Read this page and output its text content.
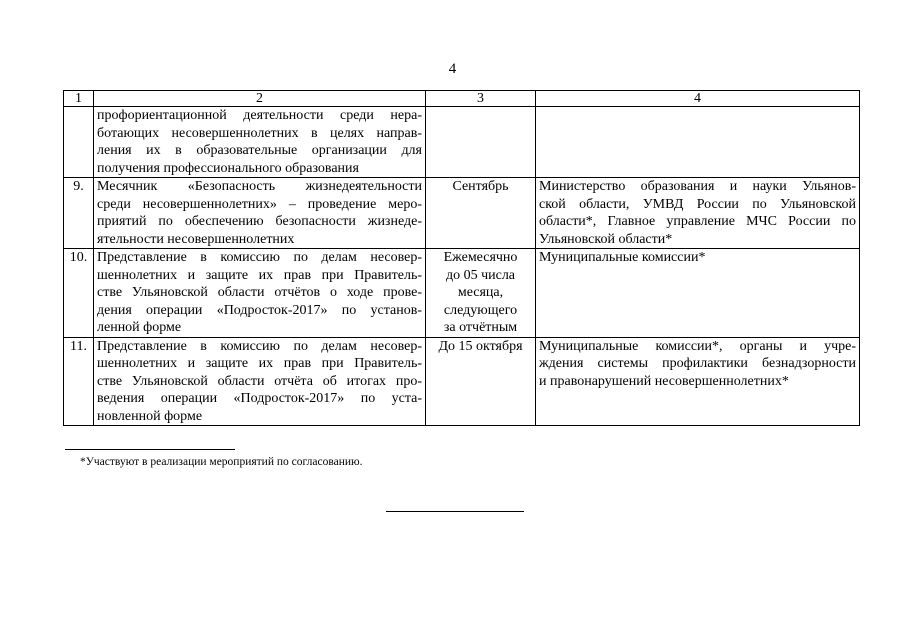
4
1	2	3	4

	профориентационной деятельности среди нера-
ботающих несовершеннолетних в целях направ-
ления их в образовательные организации для
получения профессионального образования		

9.	Месячник «Безопасность жизнедеятельности
среди несовершеннолетних» – проведение меро-
приятий по обеспечению безопасности жизнеде-
ятельности несовершеннолетних	Сентябрь	Министерство образования и науки Ульянов-
ской области, УМВД России по Ульяновской
области*, Главное управление МЧС России по
Ульяновской области*

10.	Представление в комиссию по делам несовер-
шеннолетних и защите их прав при Правитель-
стве Ульяновской области отчётов о ходе прове-
дения операции «Подросток-2017» по установ-
ленной форме	Ежемесячно
до 05 числа
месяца,
следующего
за отчётным	Муниципальные комиссии*

11.	Представление в комиссию по делам несовер-
шеннолетних и защите их прав при Правитель-
стве Ульяновской области отчёта об итогах про-
ведения операции «Подросток-2017» по уста-
новленной форме	До 15 октября	Муниципальные комиссии*, органы и учре-
ждения системы профилактики безнадзорности
и правонарушений несовершеннолетних*
*Участвуют в реализации мероприятий по согласованию.
